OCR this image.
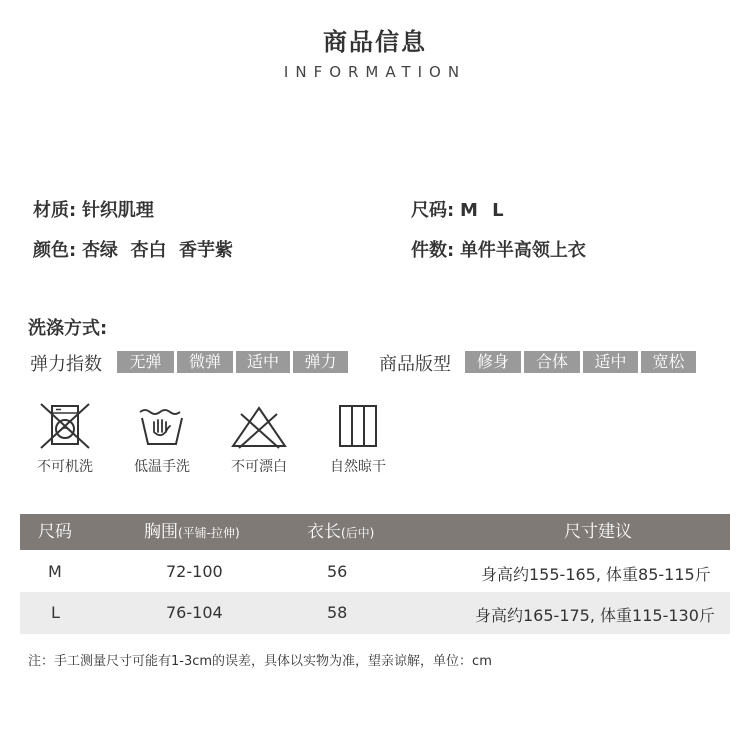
商品信息
INFORMATION
材质: 针织肌理	尺码: M L
颜色: 杏绿  杏白  香芋紫	件数: 单件半高领上衣
洗涤方式:
弹力指数	无弹	微弹	适中	弹力	商品版型	修身	合体	适中	宽松
不可机洗	低温手洗	不可漂白	自然晾干
尺码	胸围(平铺-拉伸)	衣长(后中)	尺寸建议
M	72-100	56	身高约155-165, 体重85-115斤
L	76-104	58	身高约165-175, 体重115-130斤
注：手工测量尺寸可能有1-3cm的误差，具体以实物为准，望亲谅解，单位：cm
